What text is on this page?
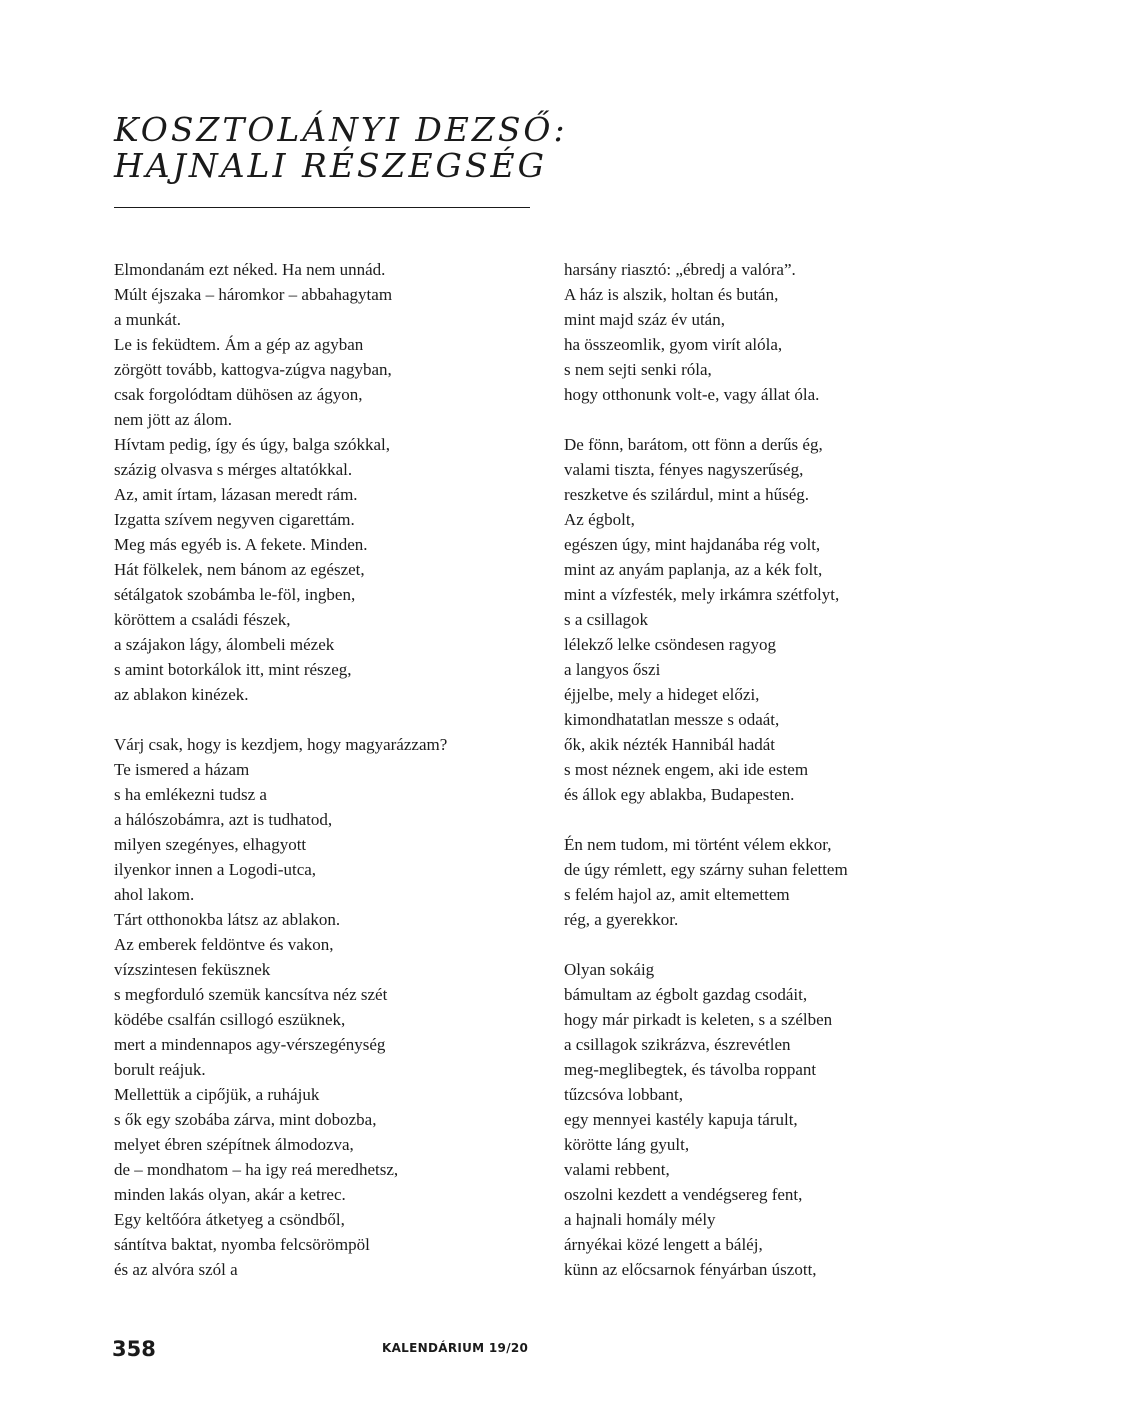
KOSZTOLÁNYI DEZSŐ:
HAJNALI RÉSZEGSÉG
Elmondanám ezt néked. Ha nem unnád.
Múlt éjszaka – háromkor – abbahagytam
a munkát.
Le is feküdtem. Ám a gép az agyban
zörgött tovább, kattogva-zúgva nagyban,
csak forgolódtam dühösen az ágyon,
nem jött az álom.
Hívtam pedig, így és úgy, balga szókkal,
százig olvasva s mérges altatókkal.
Az, amit írtam, lázasan meredt rám.
Izgatta szívem negyven cigarettám.
Meg más egyéb is. A fekete. Minden.
Hát fölkelek, nem bánom az egészet,
sétálgatok szobámba le-föl, ingben,
köröttem a családi fészek,
a szájakon lágy, álombeli mézek
s amint botorkálok itt, mint részeg,
az ablakon kinézek.
Várj csak, hogy is kezdjem, hogy magyarázzam?
Te ismered a házam
s ha emlékezni tudsz a
a hálószobámra, azt is tudhatod,
milyen szegényes, elhagyott
ilyenkor innen a Logodi-utca,
ahol lakom.
Tárt otthonokba látsz az ablakon.
Az emberek feldöntve és vakon,
vízszintesen feküsznek
s megforduló szemük kancsítva néz szét
ködébe csalfán csillogó eszüknek,
mert a mindennapos agy-vérszegénység
borult reájuk.
Mellettük a cipőjük, a ruhájuk
s ők egy szobába zárva, mint dobozba,
melyet ébren szépítnek álmodozva,
de – mondhatom – ha igy reá meredhetsz,
minden lakás olyan, akár a ketrec.
Egy keltőóra átketyeg a csöndből,
sántítva baktat, nyomba felcsörömpöl
és az alvóra szól a
harsány riasztó: „ébredj a valóra”.
A ház is alszik, holtan és bután,
mint majd száz év után,
ha összeomlik, gyom virít alóla,
s nem sejti senki róla,
hogy otthonunk volt-e, vagy állat óla.
De fönn, barátom, ott fönn a derűs ég,
valami tiszta, fényes nagyszerűség,
reszketve és szilárdul, mint a hűség.
Az égbolt,
egészen úgy, mint hajdanába rég volt,
mint az anyám paplanja, az a kék folt,
mint a vízfesték, mely irkámra szétfolyt,
s a csillagok
lélekző lelke csöndesen ragyog
a langyos őszi
éjjelbe, mely a hideget előzi,
kimondhatatlan messze s odaát,
ők, akik nézték Hannibál hadát
s most néznek engem, aki ide estem
és állok egy ablakba, Budapesten.
Én nem tudom, mi történt vélem ekkor,
de úgy rémlett, egy szárny suhan felettem
s felém hajol az, amit eltemettem
rég, a gyerekkor.
Olyan sokáig
bámultam az égbolt gazdag csodáit,
hogy már pirkadt is keleten, s a szélben
a csillagok szikrázva, észrevétlen
meg-meglibegtek, és távolba roppant
tűzcsóva lobbant,
egy mennyei kastély kapuja tárult,
körötte láng gyult,
valami rebbent,
oszolni kezdett a vendégsereg fent,
a hajnali homály mély
árnyékai közé lengett a báléj,
künn az előcsarnok fényárban úszott,
358	KALENDÁRIUM 19/20
